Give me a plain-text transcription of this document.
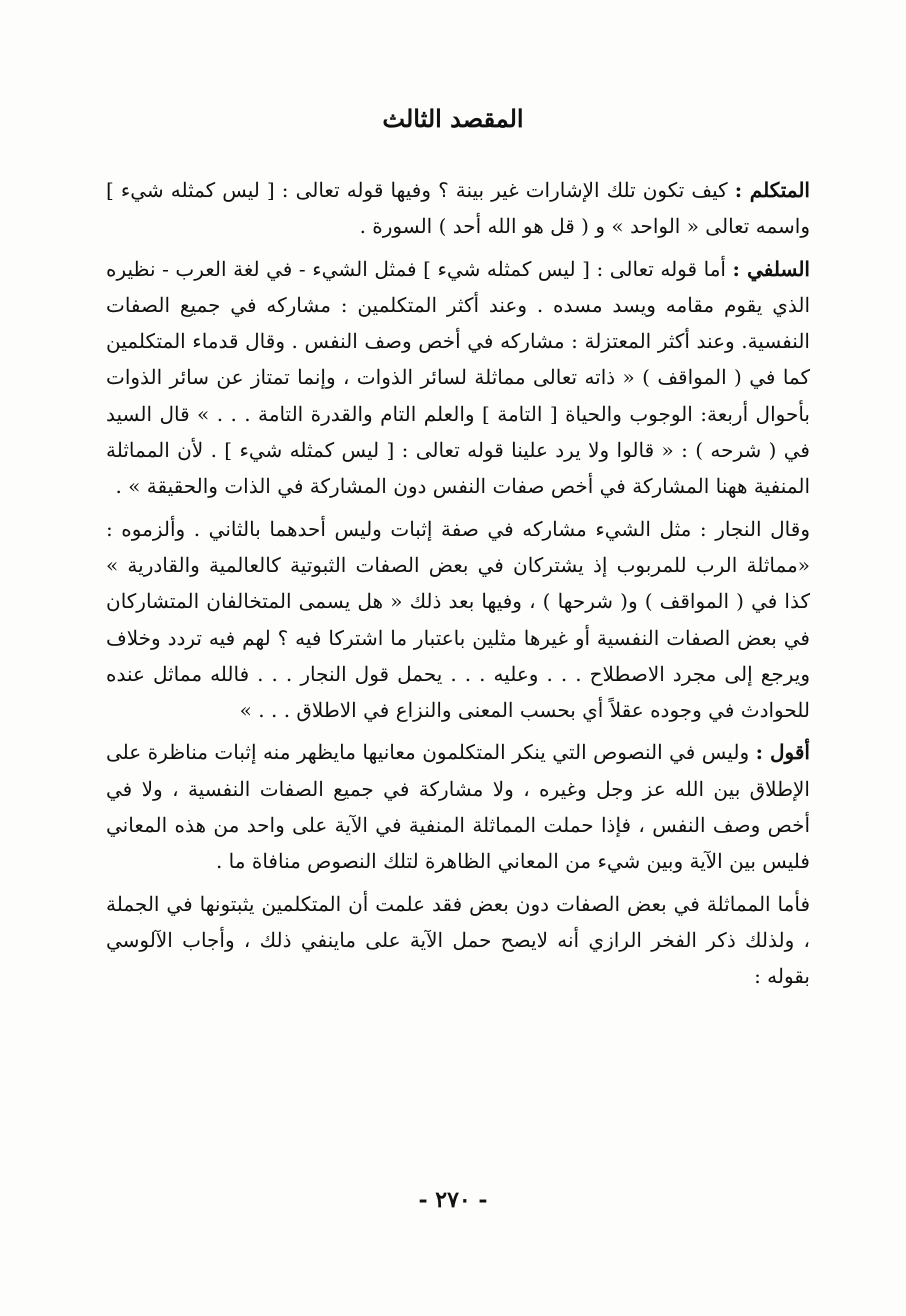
المقصد الثالث

المتكلم : كيف تكون تلك الإشارات غير بينة ؟ وفيها قوله تعالى : [ ليس كمثله شيء ] واسمه تعالى « الواحد » و ( قل هو الله أحد ) السورة .

السلفي : أما قوله تعالى : [ ليس كمثله شيء ] فمثل الشيء - في لغة العرب - نظيره الذي يقوم مقامه ويسد مسده . وعند أكثر المتكلمين : مشاركه في جميع الصفات النفسية. وعند أكثر المعتزلة : مشاركه في أخص وصف النفس . وقال قدماء المتكلمين كما في ( المواقف ) « ذاته تعالى مماثلة لسائر الذوات ، وإنما تمتاز عن سائر الذوات بأحوال أربعة: الوجوب والحياة [ التامة ] والعلم التام والقدرة التامة . . . » قال السيد في ( شرحه ) : « قالوا ولا يرد علينا قوله تعالى : [ ليس كمثله شيء ] . لأن المماثلة المنفية ههنا المشاركة في أخص صفات النفس دون المشاركة في الذات والحقيقة » .

وقال النجار : مثل الشيء مشاركه في صفة إثبات وليس أحدهما بالثاني . وألزموه : «مماثلة الرب للمربوب إذ يشتركان في بعض الصفات الثبوتية كالعالمية والقادرية » كذا في ( المواقف ) و( شرحها ) ، وفيها بعد ذلك « هل يسمى المتخالفان المتشاركان في بعض الصفات النفسية أو غيرها مثلين باعتبار ما اشتركا فيه ؟ لهم فيه تردد وخلاف ويرجع إلى مجرد الاصطلاح . . . وعليه . . . يحمل قول النجار . . . فالله مماثل عنده للحوادث في وجوده عقلاً أي بحسب المعنى والنزاع في الاطلاق . . . »

أقول : وليس في النصوص التي ينكر المتكلمون معانيها مايظهر منه إثبات مناظرة على الإطلاق بين الله عز وجل وغيره ، ولا مشاركة في جميع الصفات النفسية ، ولا في أخص وصف النفس ، فإذا حملت المماثلة المنفية في الآية على واحد من هذه المعاني فليس بين الآية وبين شيء من المعاني الظاهرة لتلك النصوص منافاة ما .

فأما المماثلة في بعض الصفات دون بعض فقد علمت أن المتكلمين يثبتونها في الجملة ، ولذلك ذكر الفخر الرازي أنه لايصح حمل الآية على ماينفي ذلك ، وأجاب الآلوسي بقوله :

- ٢٧٠ -
